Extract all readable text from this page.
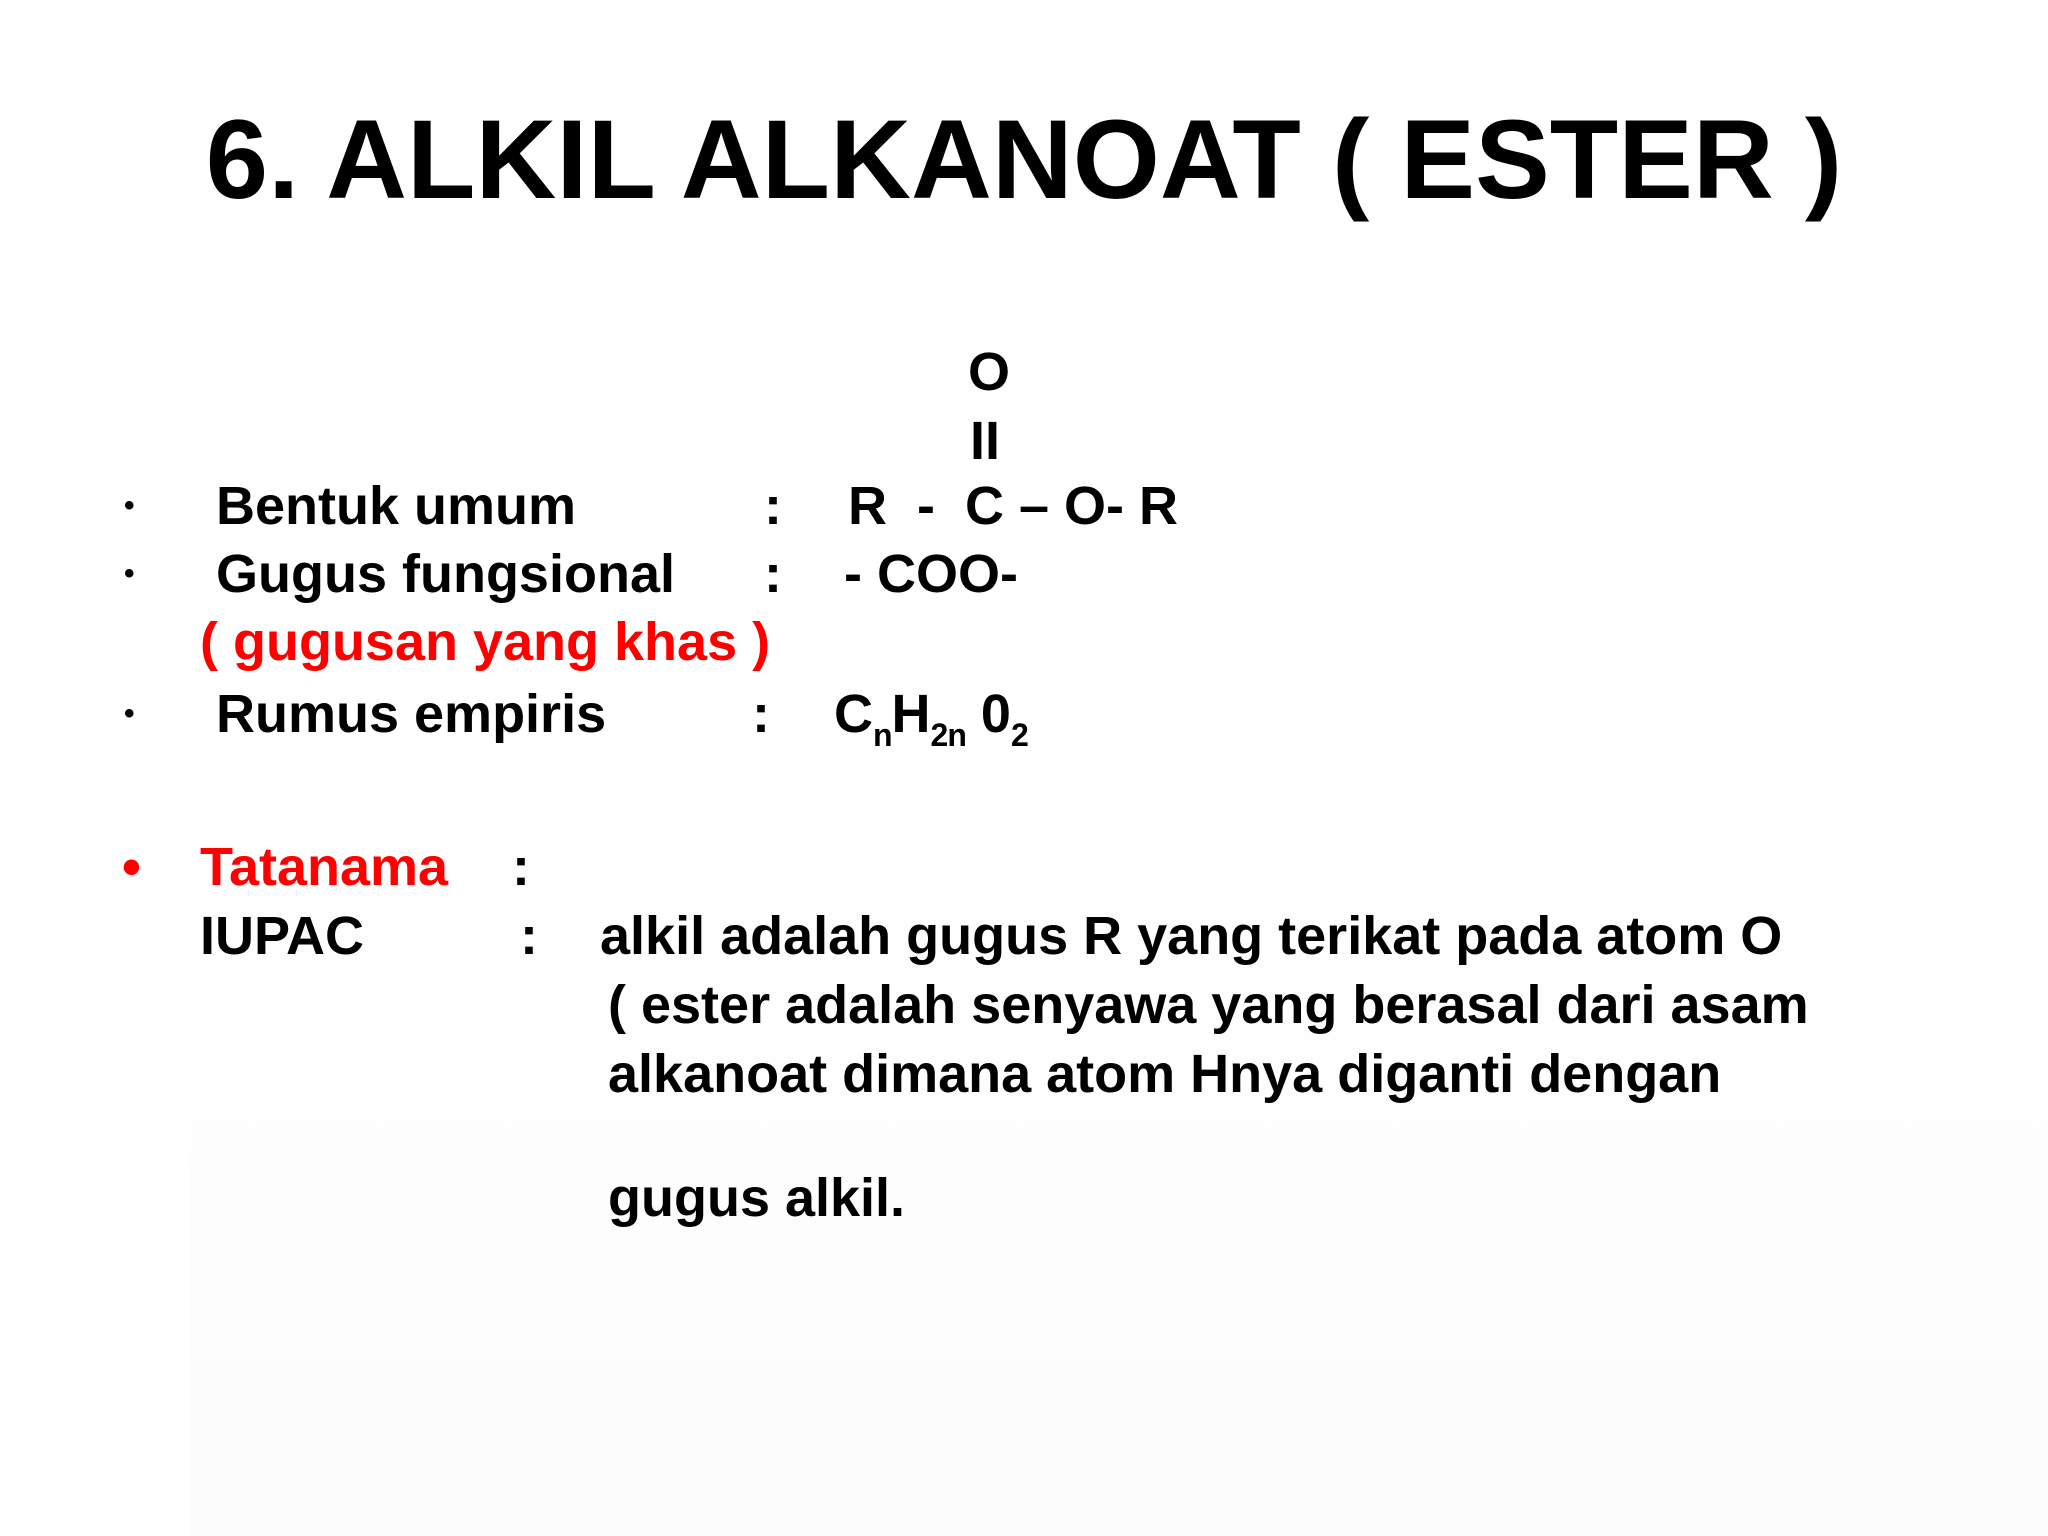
6. ALKIL ALKANOAT ( ESTER )
O
II
• Bentuk umum	: R  -  C – O- R
• Gugus fungsional : - COO-
( gugusan yang khas )
• Rumus empiris	: $C_nH_{2n}$ $0_2$
• Tatanama :
IUPAC	: alkil adalah gugus R yang terikat pada atom O
( ester adalah senyawa yang berasal dari asam
alkanoat dimana atom Hnya diganti dengan
gugus alkil.
